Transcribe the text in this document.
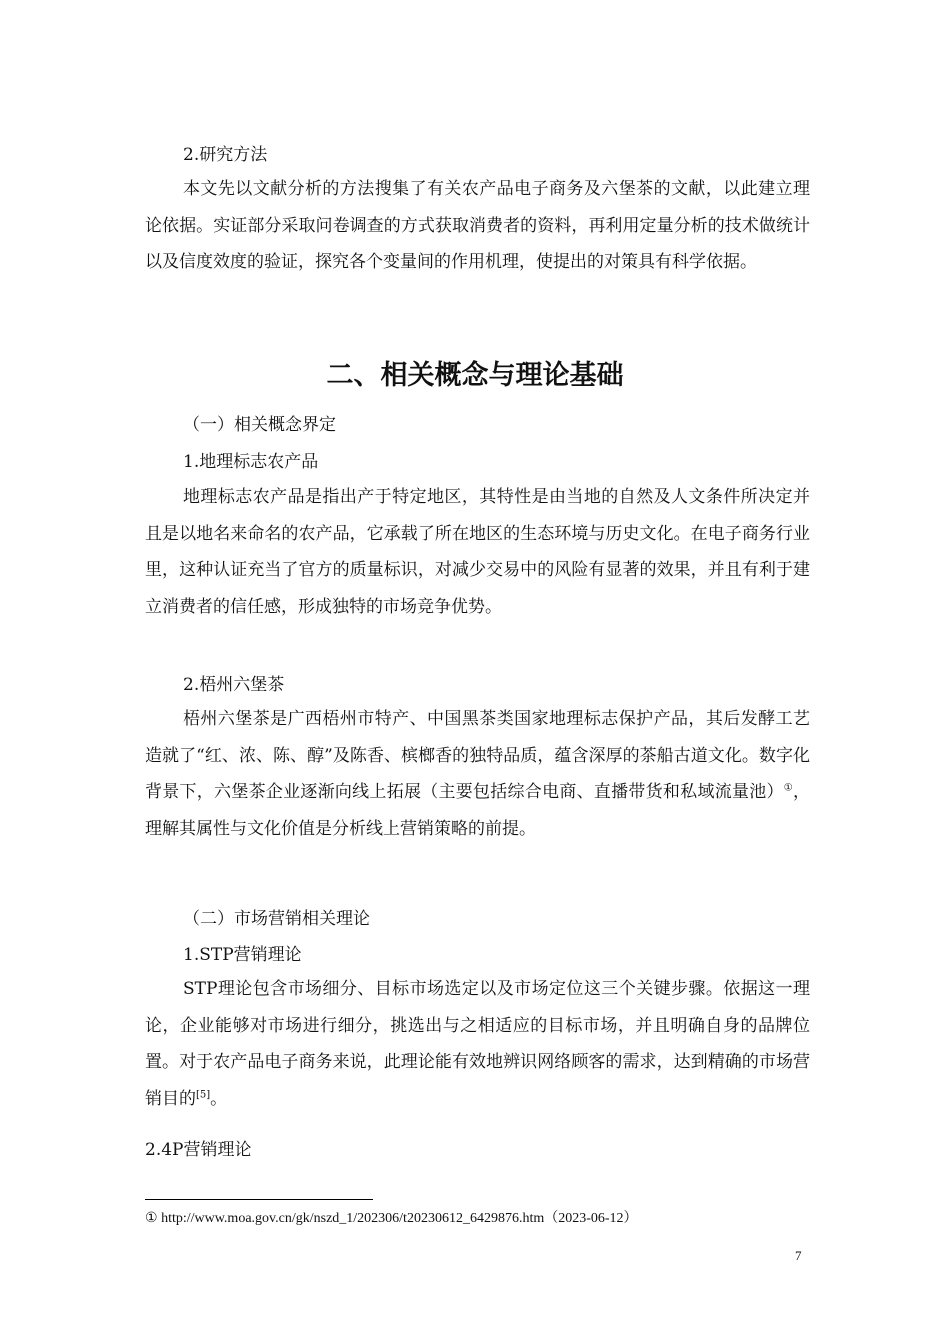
2.研究方法

本文先以文献分析的方法搜集了有关农产品电子商务及六堡茶的文献，以此建立理论依据。实证部分采取问卷调查的方式获取消费者的资料，再利用定量分析的技术做统计以及信度效度的验证，探究各个变量间的作用机理，使提出的对策具有科学依据。

二、相关概念与理论基础
（一）相关概念界定
1.地理标志农产品

地理标志农产品是指出产于特定地区，其特性是由当地的自然及人文条件所决定并且是以地名来命名的农产品，它承载了所在地区的生态环境与历史文化。在电子商务行业里，这种认证充当了官方的质量标识，对减少交易中的风险有显著的效果，并且有利于建立消费者的信任感，形成独特的市场竞争优势。

2.梧州六堡茶

梧州六堡茶是广西梧州市特产、中国黑茶类国家地理标志保护产品，其后发酵工艺造就了“红、浓、陈、醇”及陈香、槟榔香的独特品质，蕴含深厚的茶船古道文化。数字化背景下，六堡茶企业逐渐向线上拓展（主要包括综合电商、直播带货和私域流量池）①，理解其属性与文化价值是分析线上营销策略的前提。

（二）市场营销相关理论
1.STP营销理论

STP理论包含市场细分、目标市场选定以及市场定位这三个关键步骤。依据这一理论，企业能够对市场进行细分，挑选出与之相适应的目标市场，并且明确自身的品牌位置。对于农产品电子商务来说，此理论能有效地辨识网络顾客的需求，达到精确的市场营销目的[5]。

2.4P营销理论
① http://www.moa.gov.cn/gk/nszd_1/202306/t20230612_6429876.htm（2023-06-12）
7
